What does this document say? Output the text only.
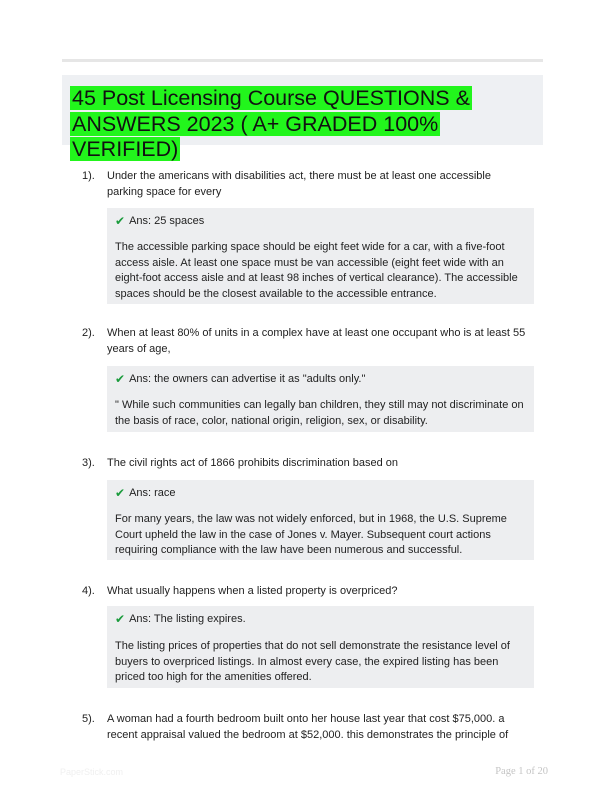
45 Post Licensing Course QUESTIONS & ANSWERS 2023 ( A+ GRADED 100% VERIFIED)
1). Under the americans with disabilities act, there must be at least one accessible parking space for every
✔ Ans: 25 spaces
The accessible parking space should be eight feet wide for a car, with a five-foot access aisle. At least one space must be van accessible (eight feet wide with an eight-foot access aisle and at least 98 inches of vertical clearance). The accessible spaces should be the closest available to the accessible entrance.
2). When at least 80% of units in a complex have at least one occupant who is at least 55 years of age,
✔ Ans: the owners can advertise it as "adults only."
" While such communities can legally ban children, they still may not discriminate on the basis of race, color, national origin, religion, sex, or disability.
3). The civil rights act of 1866 prohibits discrimination based on
✔ Ans: race
For many years, the law was not widely enforced, but in 1968, the U.S. Supreme Court upheld the law in the case of Jones v. Mayer. Subsequent court actions requiring compliance with the law have been numerous and successful.
4). What usually happens when a listed property is overpriced?
✔ Ans: The listing expires.
The listing prices of properties that do not sell demonstrate the resistance level of buyers to overpriced listings. In almost every case, the expired listing has been priced too high for the amenities offered.
5). A woman had a fourth bedroom built onto her house last year that cost $75,000. a recent appraisal valued the bedroom at $52,000. this demonstrates the principle of
PaperStick.com	Page 1 of 20
